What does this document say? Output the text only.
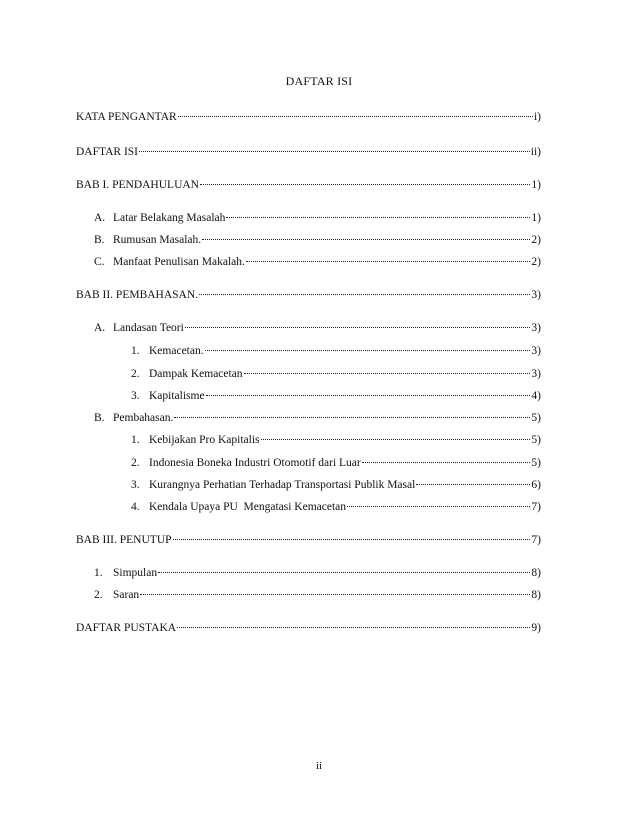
DAFTAR ISI
KATA PENGANTAR	i)
DAFTAR ISI	ii)
BAB I. PENDAHULUAN	1)
A. Latar Belakang Masalah	1)
B. Rumusan Masalah.	2)
C. Manfaat Penulisan Makalah.	2)
BAB II. PEMBAHASAN.	3)
A. Landasan Teori	3)
1. Kemacetan.	3)
2. Dampak Kemacetan	3)
3. Kapitalisme	4)
B. Pembahasan.	5)
1. Kebijakan Pro Kapitalis	5)
2. Indonesia Boneka Industri Otomotif dari Luar	5)
3. Kurangnya Perhatian Terhadap Transportasi Publik Masal	6)
4. Kendala Upaya PU  Mengatasi Kemacetan	7)
BAB III. PENUTUP	7)
1. Simpulan	8)
2. Saran	8)
DAFTAR PUSTAKA	9)
ii
